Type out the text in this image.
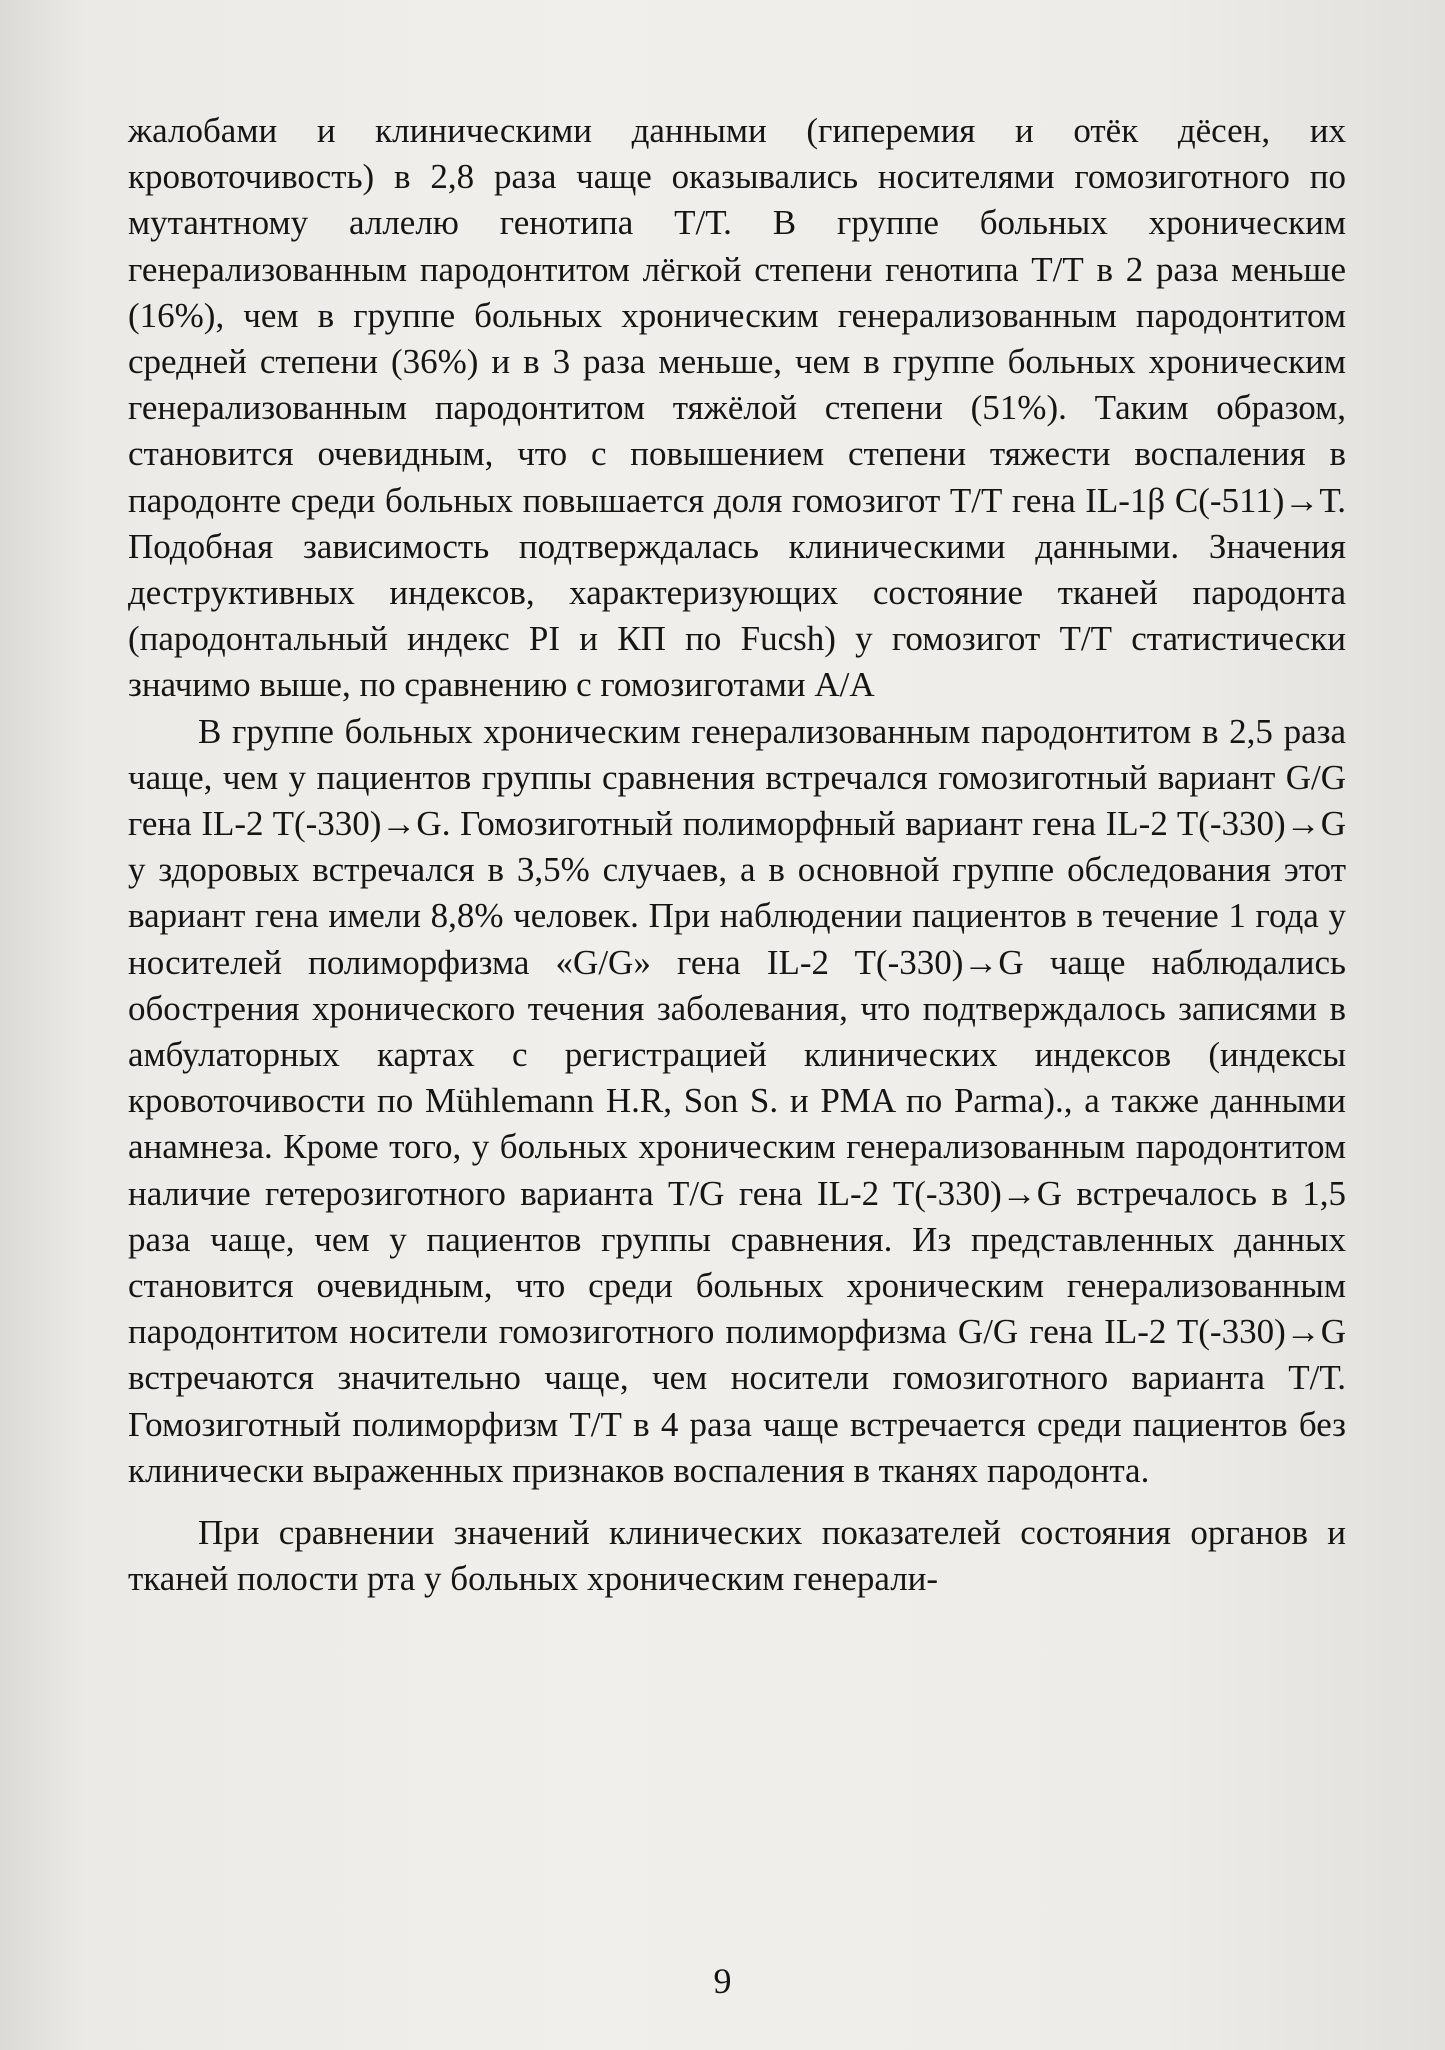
жалобами и клиническими данными (гиперемия и отёк дёсен, их кровоточивость) в 2,8 раза чаще оказывались носителями гомозиготного по мутантному аллелю генотипа Т/Т. В группе больных хроническим генерализованным пародонтитом лёгкой степени генотипа Т/Т в 2 раза меньше (16%), чем в группе больных хроническим генерализованным пародонтитом средней степени (36%) и в 3 раза меньше, чем в группе больных хроническим генерализованным пародонтитом тяжёлой степени (51%). Таким образом, становится очевидным, что с повышением степени тяжести воспаления в пародонте среди больных повышается доля гомозигот Т/Т гена IL-1β С(-511)→Т. Подобная зависимость подтверждалась клиническими данными. Значения деструктивных индексов, характеризующих состояние тканей пародонта (пародонтальный индекс PI и КП по Fucsh) у гомозигот Т/Т статистически значимо выше, по сравнению с гомозиготами А/А

В группе больных хроническим генерализованным пародонтитом в 2,5 раза чаще, чем у пациентов группы сравнения встречался гомозиготный вариант G/G гена IL-2 T(-330)→G. Гомозиготный полиморфный вариант гена IL-2 T(-330)→G у здоровых встречался в 3,5% случаев, а в основной группе обследования этот вариант гена имели 8,8% человек. При наблюдении пациентов в течение 1 года у носителей полиморфизма «G/G» гена IL-2 T(-330)→G чаще наблюдались обострения хронического течения заболевания, что подтверждалось записями в амбулаторных картах с регистрацией клинических индексов (индексы кровоточивости по Mühlemann H.R, Son S. и PMA по Parma)., а также данными анамнеза. Кроме того, у больных хроническим генерализованным пародонтитом наличие гетерозиготного варианта T/G гена IL-2 T(-330)→G встречалось в 1,5 раза чаще, чем у пациентов группы сравнения. Из представленных данных становится очевидным, что среди больных хроническим генерализованным пародонтитом носители гомозиготного полиморфизма G/G гена IL-2 T(-330)→G встречаются значительно чаще, чем носители гомозиготного варианта Т/Т. Гомозиготный полиморфизм Т/Т в 4 раза чаще встречается среди пациентов без клинически выраженных признаков воспаления в тканях пародонта.

При сравнении значений клинических показателей состояния органов и тканей полости рта у больных хроническим генерали-

9
